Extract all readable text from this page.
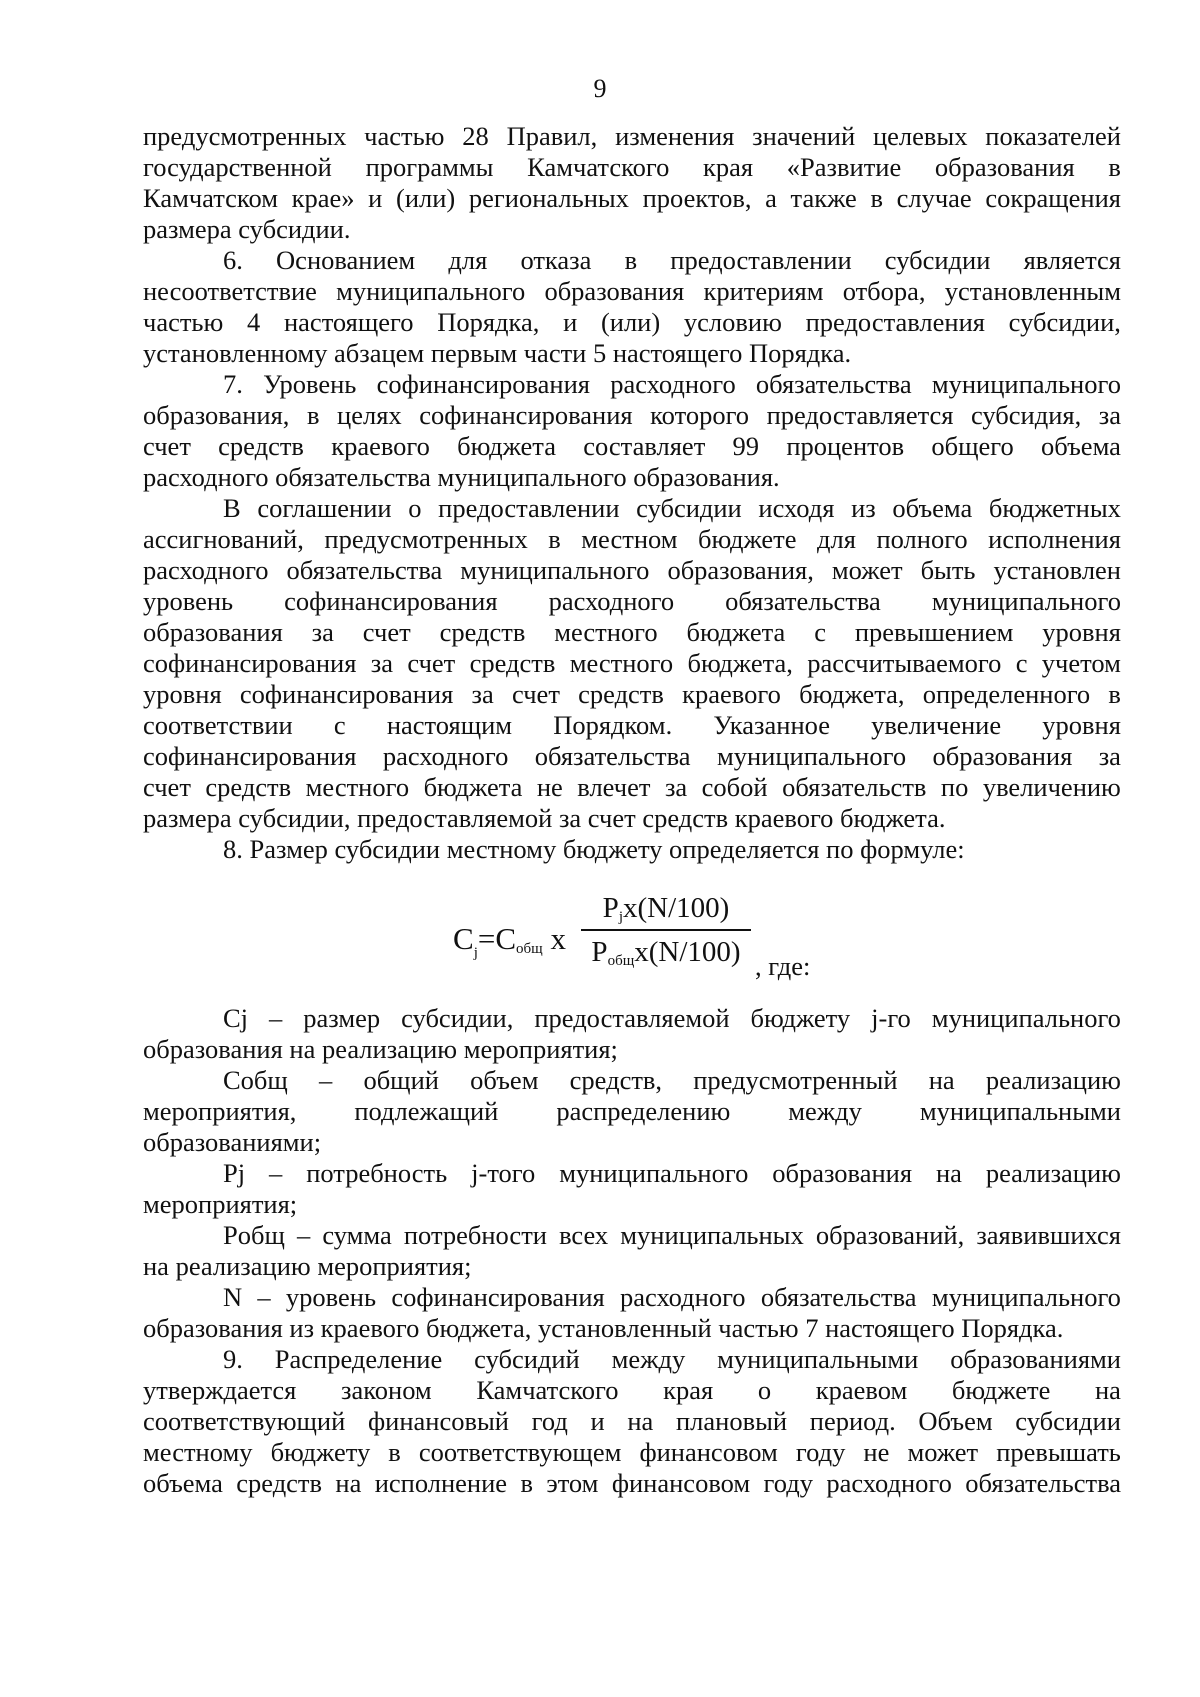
9
предусмотренных частью 28 Правил, изменения значений целевых показателей
государственной программы Камчатского края «Развитие образования в
Камчатском крае» и (или) региональных проектов, а также в случае сокращения
размера субсидии.
6. Основанием для отказа в предоставлении субсидии является
несоответствие муниципального образования критериям отбора, установленным
частью 4 настоящего Порядка, и (или) условию предоставления субсидии,
установленному абзацем первым части 5 настоящего Порядка.
7. Уровень софинансирования расходного обязательства муниципального
образования, в целях софинансирования которого предоставляется субсидия, за
счет средств краевого бюджета составляет 99 процентов общего объема
расходного обязательства муниципального образования.
В соглашении о предоставлении субсидии исходя из объема бюджетных
ассигнований, предусмотренных в местном бюджете для полного исполнения
расходного обязательства муниципального образования, может быть установлен
уровень софинансирования расходного обязательства муниципального
образования за счет средств местного бюджета с превышением уровня
софинансирования за счет средств местного бюджета, рассчитываемого с учетом
уровня софинансирования за счет средств краевого бюджета, определенного в
соответствии с настоящим Порядком. Указанное увеличение уровня
софинансирования расходного обязательства муниципального образования за
счет средств местного бюджета не влечет за собой обязательств по увеличению
размера субсидии, предоставляемой за счет средств краевого бюджета.
8. Размер субсидии местному бюджету определяется по формуле:
$C_j=Cобщ$ x
Pjx(N/100)
Pобщx(N/100) , где:
Cj – размер субсидии, предоставляемой бюджету j-го муниципального
образования на реализацию мероприятия;
Cобщ – общий объем средств, предусмотренный на реализацию
мероприятия, подлежащий распределению между муниципальными
образованиями;
Pj – потребность j-того муниципального образования на реализацию
мероприятия;
Pобщ – сумма потребности всех муниципальных образований, заявившихся
на реализацию мероприятия;
N – уровень софинансирования расходного обязательства муниципального
образования из краевого бюджета, установленный частью 7 настоящего Порядка.
9. Распределение субсидий между муниципальными образованиями
утверждается законом Камчатского края о краевом бюджете на
соответствующий финансовый год и на плановый период. Объем субсидии
местному бюджету в соответствующем финансовом году не может превышать
объема средств на исполнение в этом финансовом году расходного обязательства
